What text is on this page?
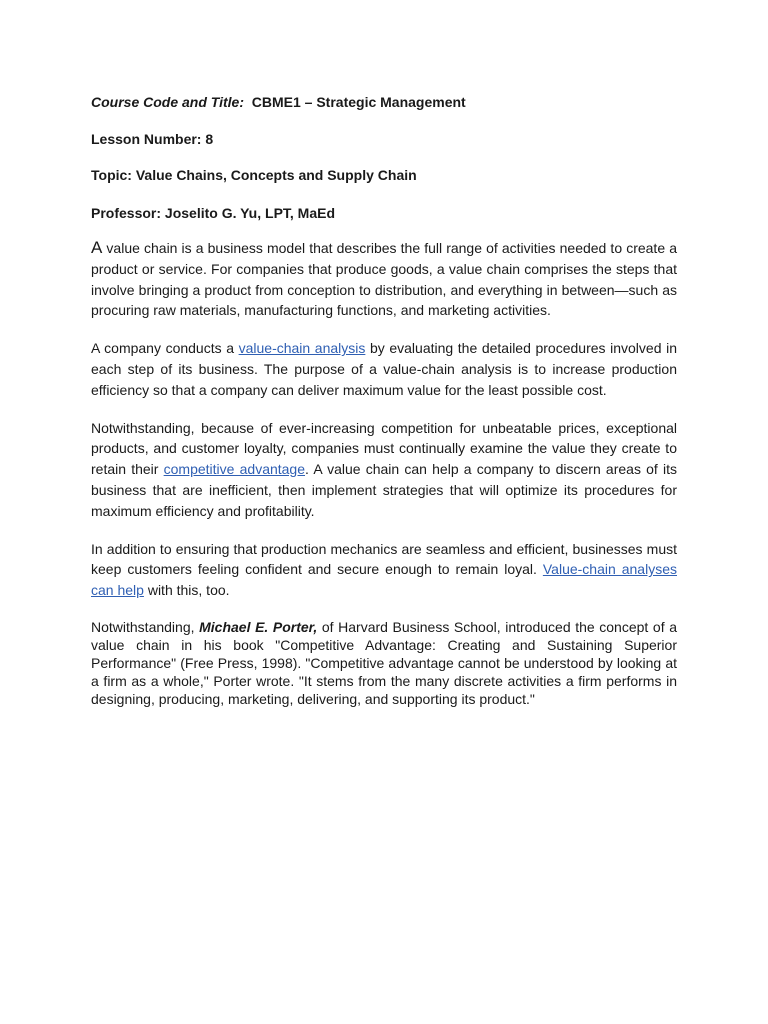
Course Code and Title: CBME1 – Strategic Management
Lesson Number: 8
Topic: Value Chains, Concepts and Supply Chain
Professor: Joselito G. Yu, LPT, MaEd

A value chain is a business model that describes the full range of activities needed to create a product or service. For companies that produce goods, a value chain comprises the steps that involve bringing a product from conception to distribution, and everything in between—such as procuring raw materials, manufacturing functions, and marketing activities.

A company conducts a value-chain analysis by evaluating the detailed procedures involved in each step of its business. The purpose of a value-chain analysis is to increase production efficiency so that a company can deliver maximum value for the least possible cost.

Notwithstanding, because of ever-increasing competition for unbeatable prices, exceptional products, and customer loyalty, companies must continually examine the value they create to retain their competitive advantage. A value chain can help a company to discern areas of its business that are inefficient, then implement strategies that will optimize its procedures for maximum efficiency and profitability.

In addition to ensuring that production mechanics are seamless and efficient, businesses must keep customers feeling confident and secure enough to remain loyal. Value-chain analyses can help with this, too.

Notwithstanding, Michael E. Porter, of Harvard Business School, introduced the concept of a value chain in his book "Competitive Advantage: Creating and Sustaining Superior Performance" (Free Press, 1998). "Competitive advantage cannot be understood by looking at a firm as a whole," Porter wrote. "It stems from the many discrete activities a firm performs in designing, producing, marketing, delivering, and supporting its product."
